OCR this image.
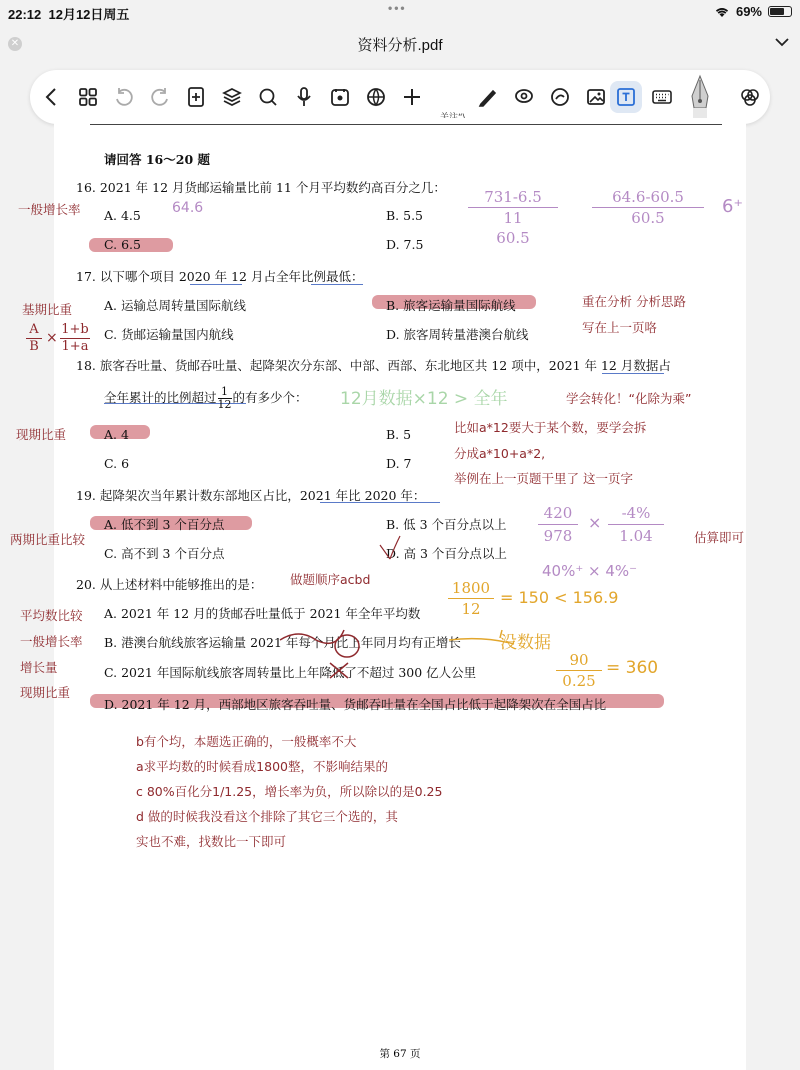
22:12 12月12日周五	•••	69%
✕	资料分析.pdf
请回答 16～20 题
16. 2021 年 12 月货邮运输量比前 11 个月平均数约高百分之几：
A. 4.5	B. 5.5
C. 6.5	D. 7.5
17. 以下哪个项目 2020 年 12 月占全年比例最低：
A. 运输总周转量国际航线	B. 旅客运输量国际航线
C. 货邮运输量国内航线	D. 旅客周转量港澳台航线
18. 旅客吞吐量、货邮吞吐量、起降架次分东部、中部、西部、东北地区共 12 项中，2021 年 12 月数据占
全年累计的比例超过 $\frac{1}{12}$ 的有多少个：
A. 4	B. 5
C. 6	D. 7
19. 起降架次当年累计数东部地区占比，2021 年比 2020 年：
A. 低不到 3 个百分点	B. 低 3 个百分点以上
C. 高不到 3 个百分点	D. 高 3 个百分点以上
20. 从上述材料中能够推出的是：
A. 2021 年 12 月的货邮吞吐量低于 2021 年全年平均数
B. 港澳台航线旅客运输量 2021 年每个月比上年同月均有正增长
C. 2021 年国际航线旅客周转量比上年降低了不超过 300 亿人公里
D. 2021 年 12 月，西部地区旅客吞吐量、货邮吞吐量在全国占比低于起降架次在全国占比
第 67 页
一般增长率	64.6
731-6.5
11
60.5
$\frac{64.6-60.5}{60.5} 6^+$
基期比重
$\frac{A}{B} \times \frac{1+b}{1+a}$
重在分析 分析思路
写在上一页咯
12月数据×12 > 全年	学会转化！“化除为乘”
现期比重	比如a*12要大于某个数，要学会拆
分成a*10+a*2,
举例在上一页题干里了 这一页字
两期比重比较	$\frac{420}{978} \times \frac{-4\%}{1.04}$ 估算即可
40%⁺ × 4%⁻
做题顺序acbd
平均数比较
一般增长率
增长量
现期比重
$\frac{1800}{12} = 150 < 156.9$
没数据
$\frac{90}{0.25} = 360$
b有个均，本题选正确的，一般概率不大
a求平均数的时候看成1800整，不影响结果的
c 80%百化分1/1.25，增长率为负，所以除以的是0.25
d 做的时候我没看这个排除了其它三个选的，其
实也不难，找数比一下即可
